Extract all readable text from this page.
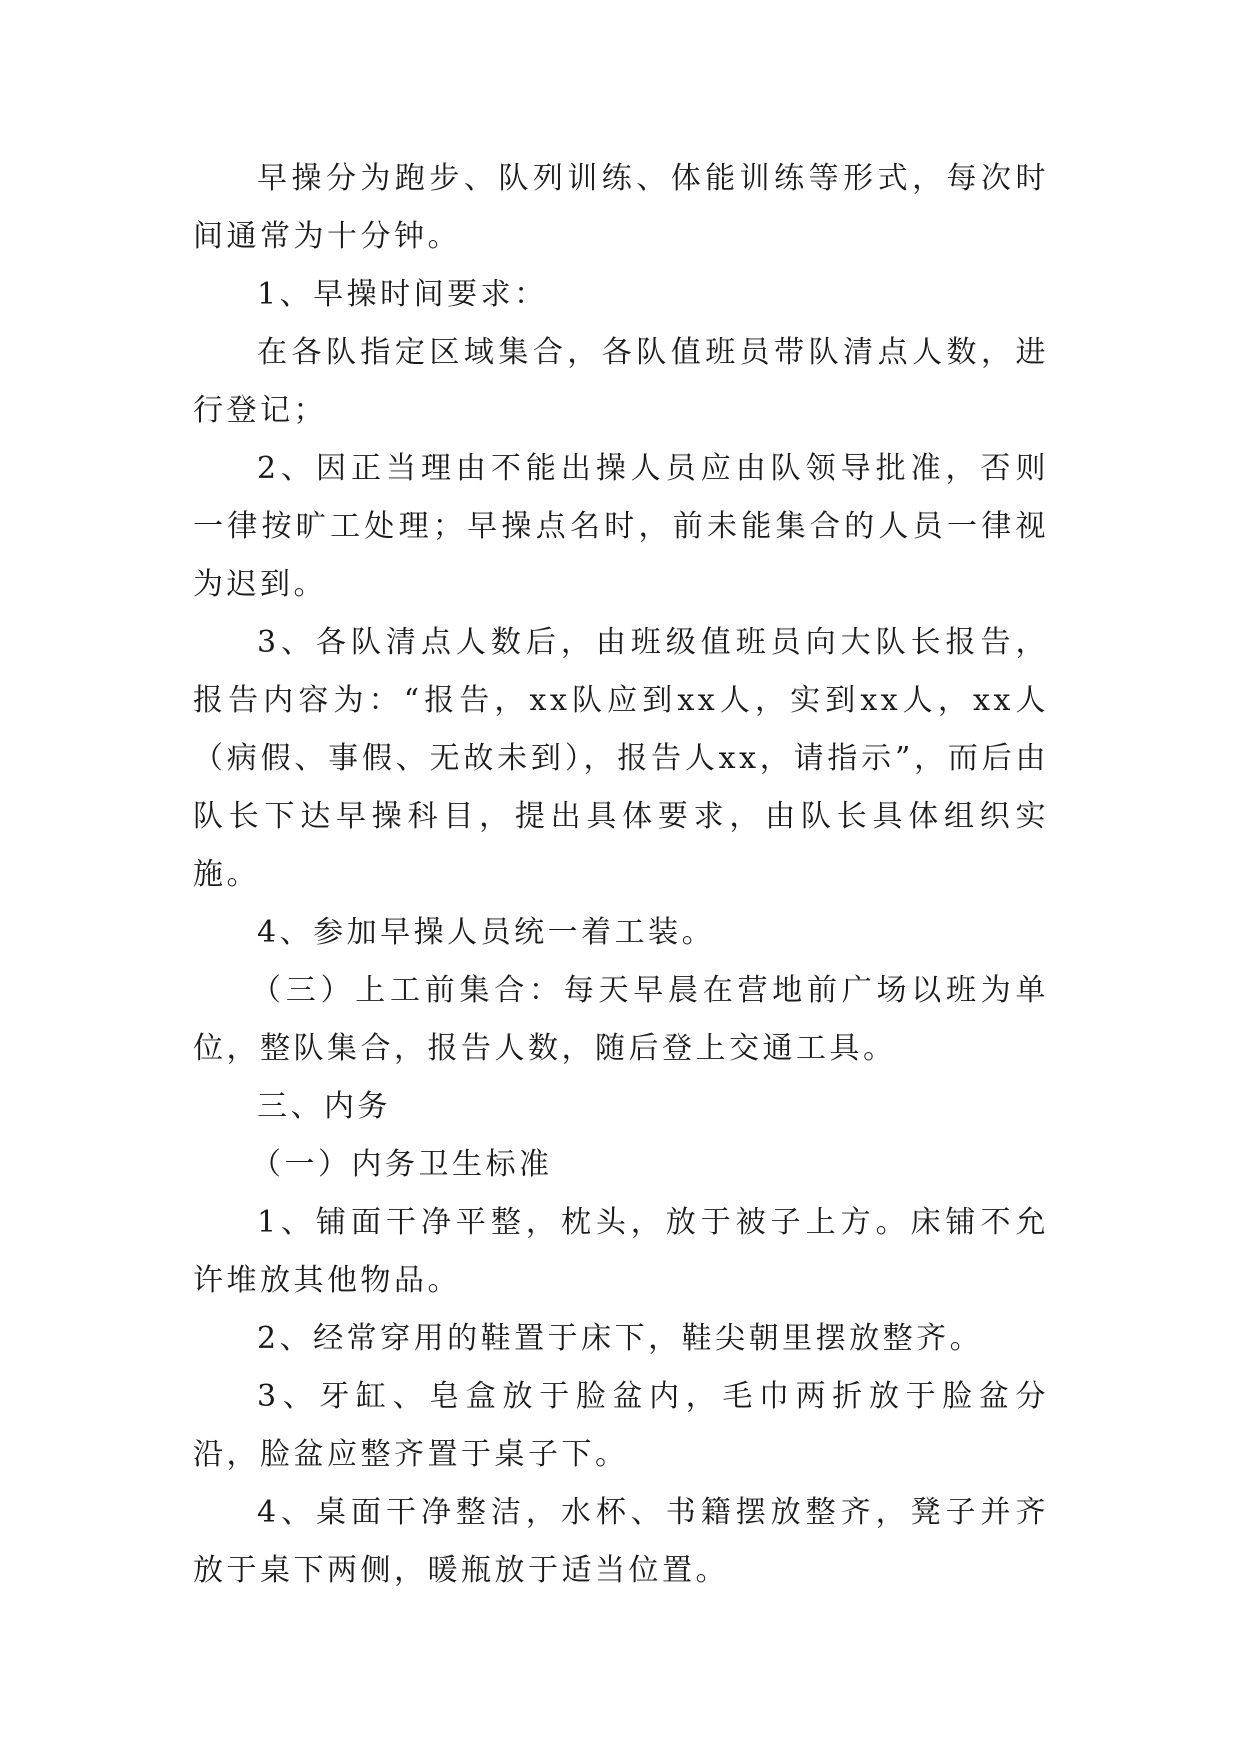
早操分为跑步、队列训练、体能训练等形式，每次时间通常为十分钟。

1、早操时间要求：

在各队指定区域集合，各队值班员带队清点人数，进行登记；

2、因正当理由不能出操人员应由队领导批准，否则一律按旷工处理；早操点名时，前未能集合的人员一律视为迟到。

3、各队清点人数后，由班级值班员向大队长报告，报告内容为：“报告，xx队应到xx人，实到xx人，xx人（病假、事假、无故未到），报告人xx，请指示”，而后由队长下达早操科目，提出具体要求，由队长具体组织实施。

4、参加早操人员统一着工装。

（三）上工前集合：每天早晨在营地前广场以班为单位，整队集合，报告人数，随后登上交通工具。

三、内务

（一）内务卫生标准

1、铺面干净平整，枕头，放于被子上方。床铺不允许堆放其他物品。

2、经常穿用的鞋置于床下，鞋尖朝里摆放整齐。

3、牙缸、皂盒放于脸盆内，毛巾两折放于脸盆分沿，脸盆应整齐置于桌子下。

4、桌面干净整洁，水杯、书籍摆放整齐，凳子并齐放于桌下两侧，暖瓶放于适当位置。
